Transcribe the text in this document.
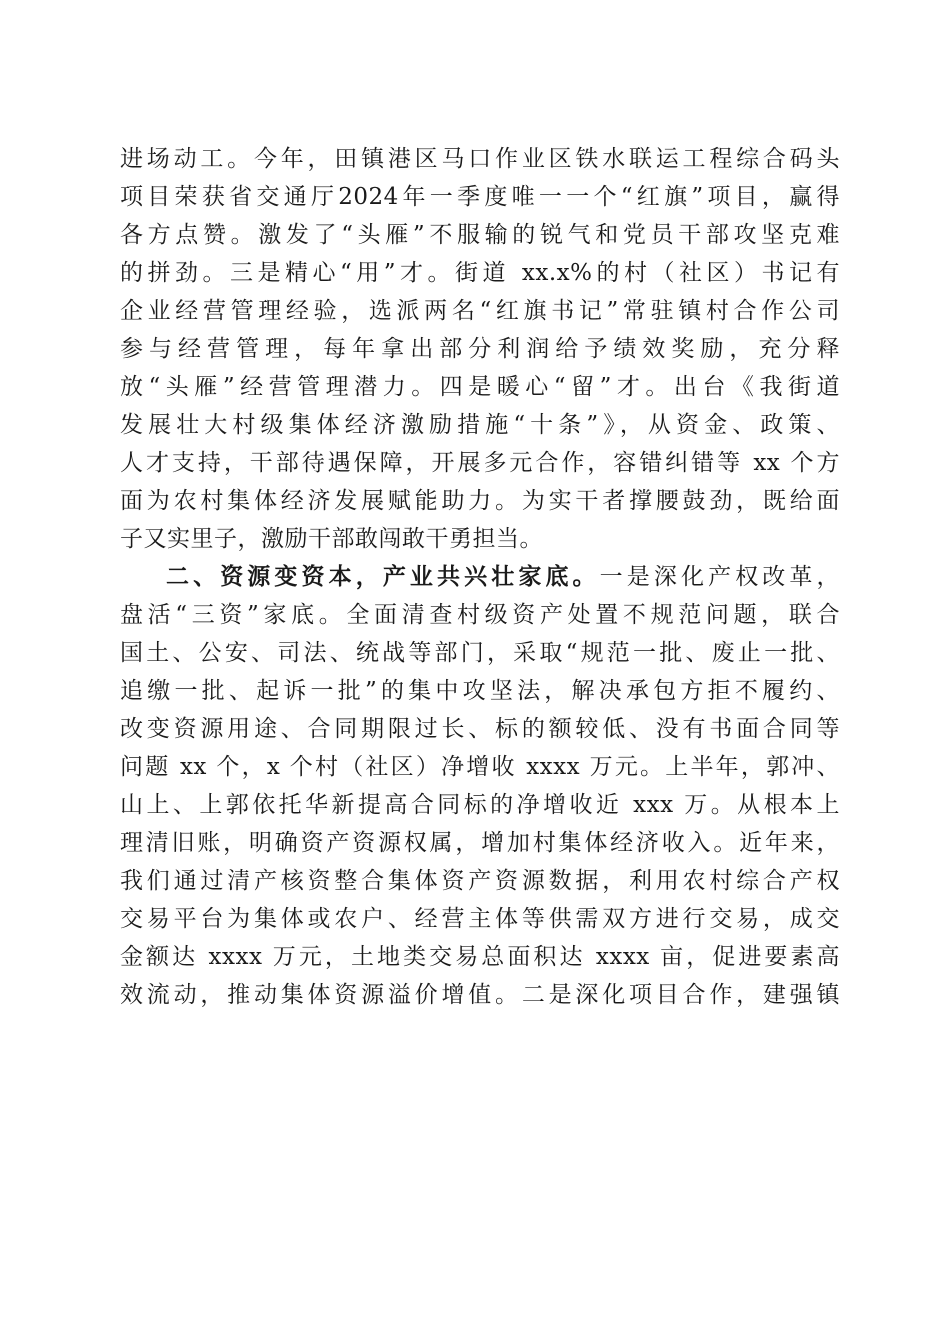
进场动工。今年，田镇港区马口作业区铁水联运工程综合码头
项目荣获省交通厅2024年一季度唯一一个“红旗”项目，赢得
各方点赞。激发了“头雁”不服输的锐气和党员干部攻坚克难
的拼劲。三是精心“用”才。街道 xx.x%的村（社区）书记有
企业经营管理经验，选派两名“红旗书记”常驻镇村合作公司
参与经营管理，每年拿出部分利润给予绩效奖励，充分释
放“头雁”经营管理潜力。四是暖心“留”才。出台《我街道
发展壮大村级集体经济激励措施“十条”》，从资金、政策、
人才支持，干部待遇保障，开展多元合作，容错纠错等 xx 个方
面为农村集体经济发展赋能助力。为实干者撑腰鼓劲，既给面
子又实里子，激励干部敢闯敢干勇担当。
二、资源变资本，产业共兴壮家底。一是深化产权改革，
盘活“三资”家底。全面清查村级资产处置不规范问题，联合
国土、公安、司法、统战等部门，采取“规范一批、废止一批、
追缴一批、起诉一批”的集中攻坚法，解决承包方拒不履约、
改变资源用途、合同期限过长、标的额较低、没有书面合同等
问题 xx 个，x 个村（社区）净增收 xxxx 万元。上半年，郭冲、
山上、上郭依托华新提高合同标的净增收近 xxx 万。从根本上
理清旧账，明确资产资源权属，增加村集体经济收入。近年来，
我们通过清产核资整合集体资产资源数据，利用农村综合产权
交易平台为集体或农户、经营主体等供需双方进行交易，成交
金额达 xxxx 万元，土地类交易总面积达 xxxx 亩，促进要素高
效流动，推动集体资源溢价增值。二是深化项目合作，建强镇
